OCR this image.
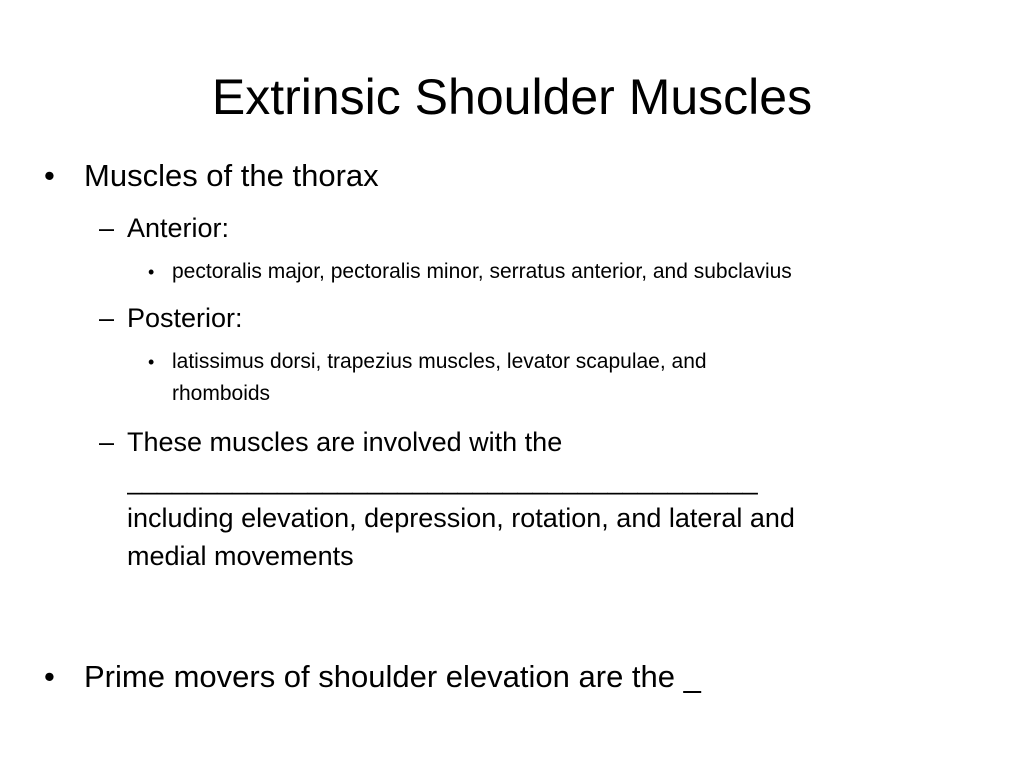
Extrinsic Shoulder Muscles
• Muscles of the thorax
– Anterior:
• pectoralis major, pectoralis minor, serratus anterior, and subclavius
– Posterior:
• latissimus dorsi, trapezius muscles, levator scapulae, and
rhomboids
– These muscles are involved with the
__________________________________________
including elevation, depression, rotation, and lateral and
medial movements
• Prime movers of shoulder elevation are the _
